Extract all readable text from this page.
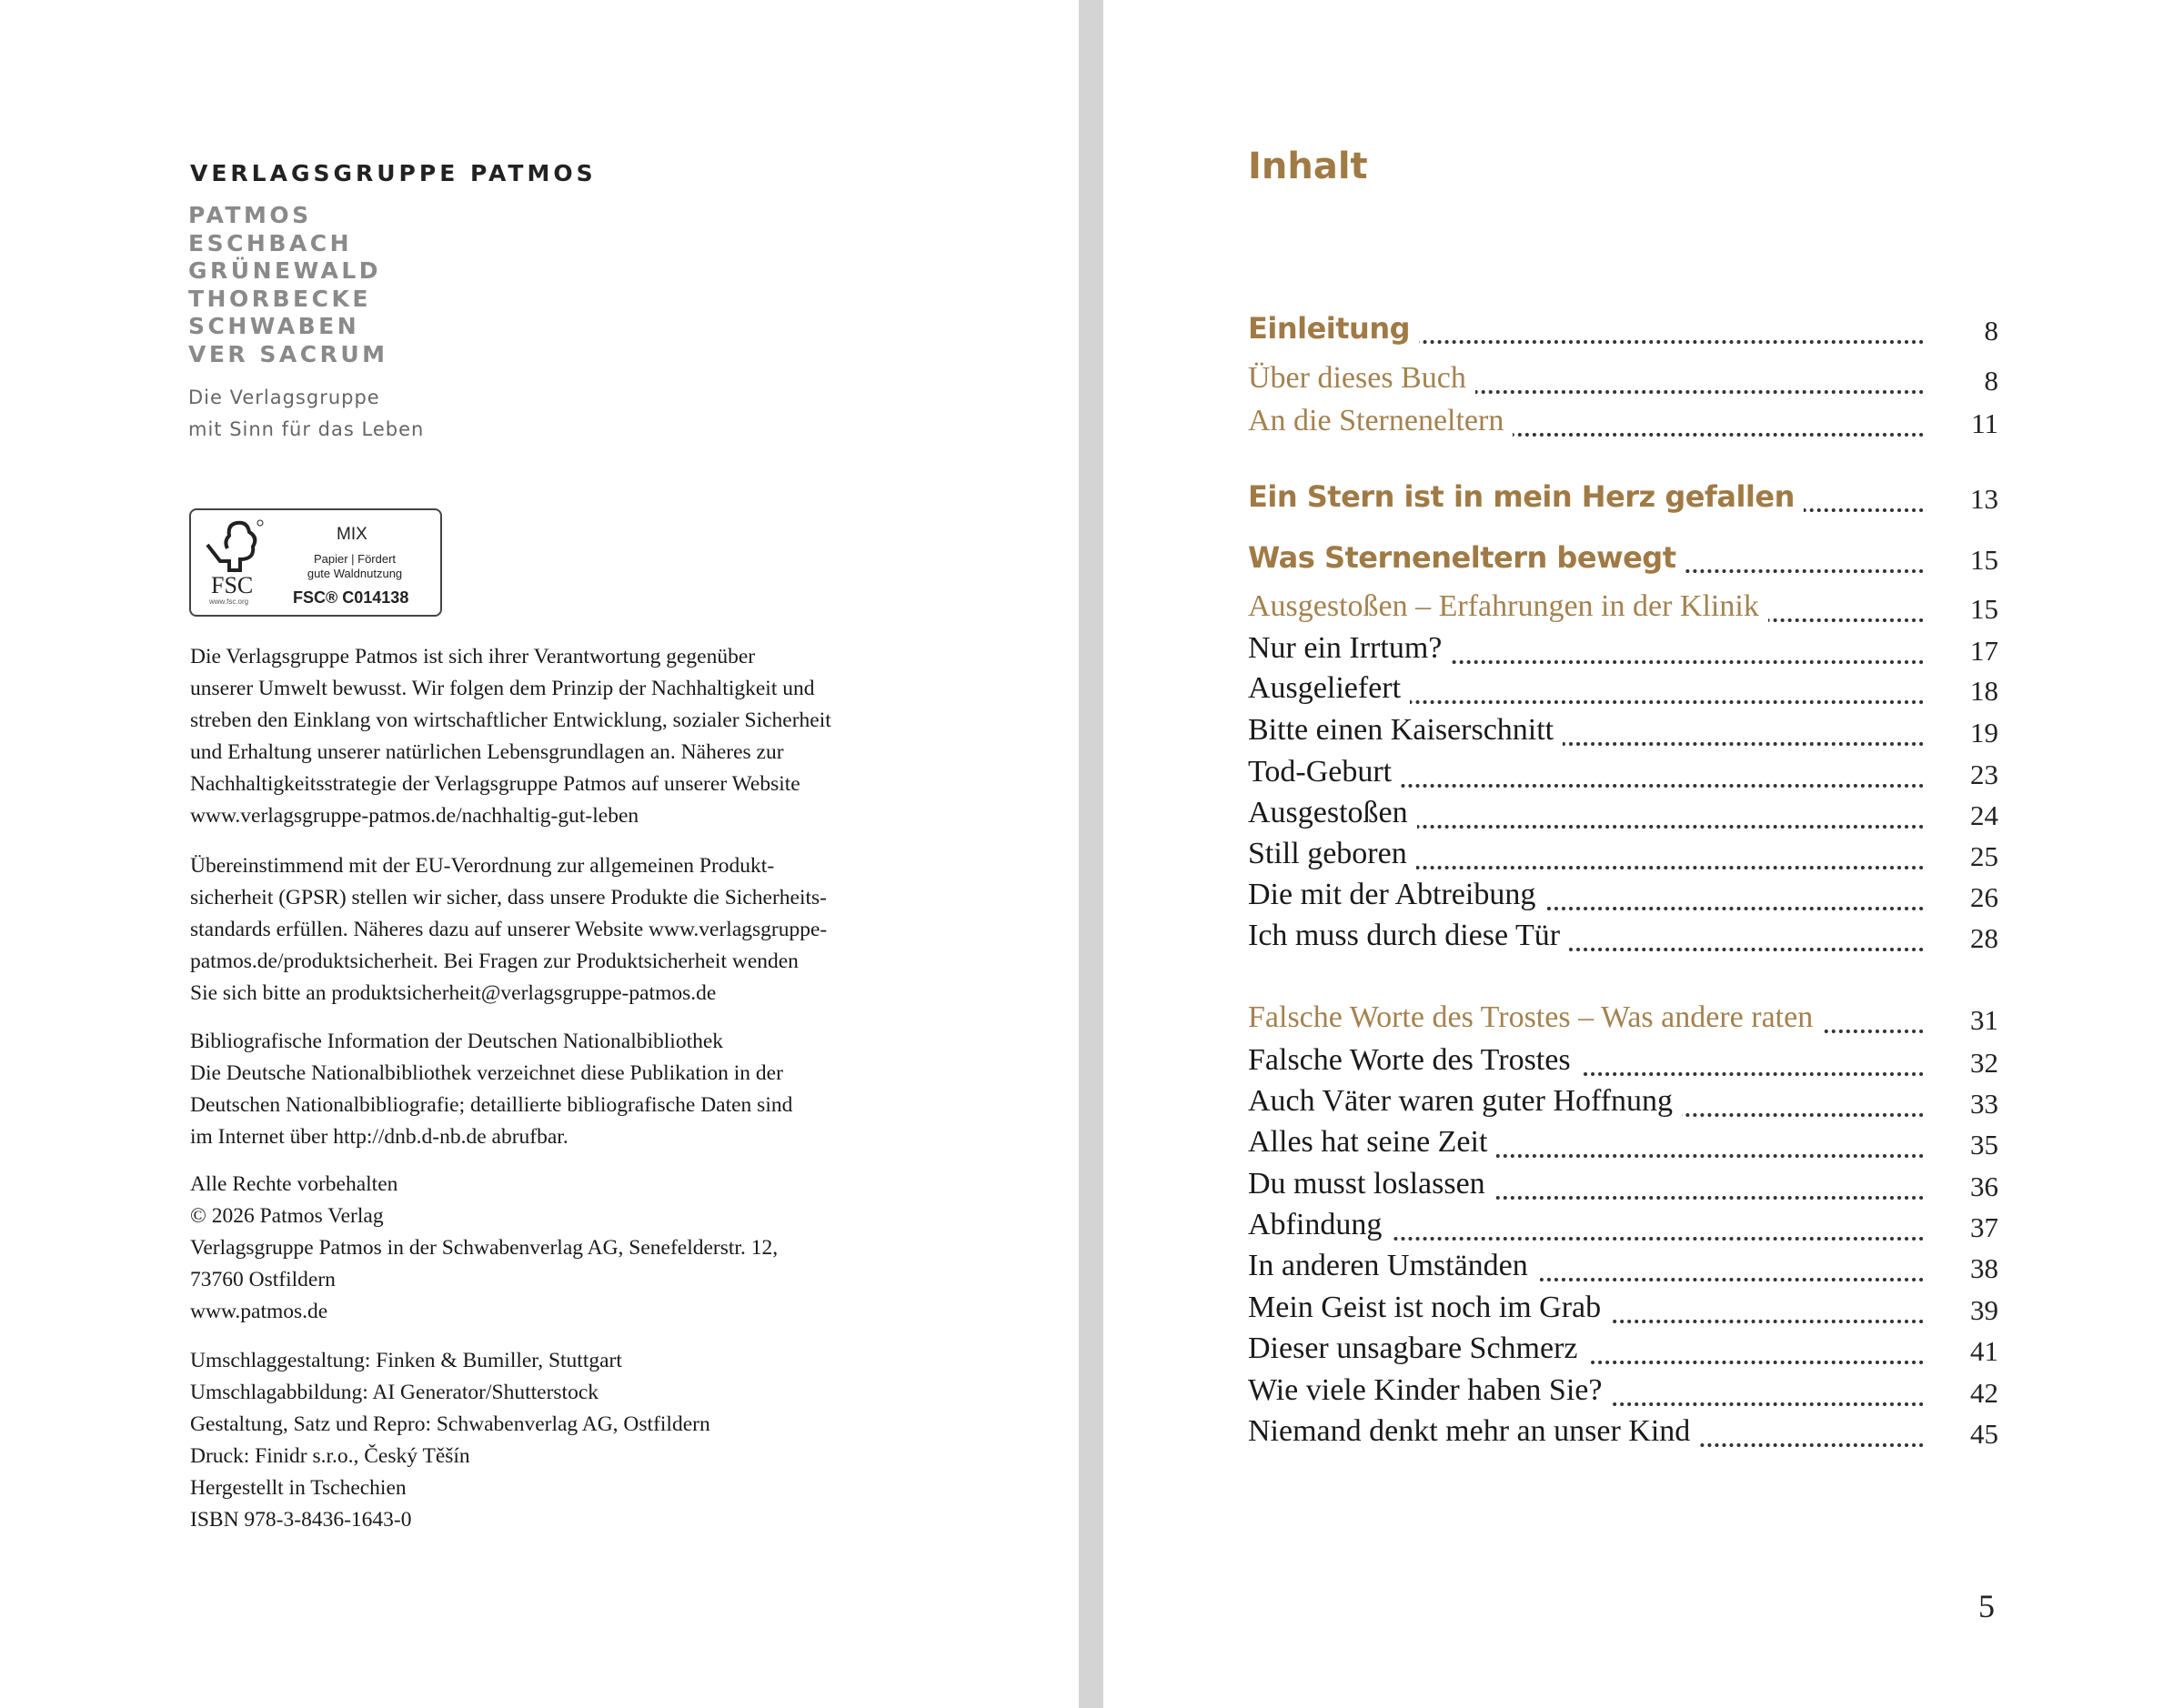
VERLAGSGRUPPE PATMOS
PATMOS
ESCHBACH
GRÜNEWALD
THORBECKE
SCHWABEN
VER SACRUM
Die Verlagsgruppe
mit Sinn für das Leben
FSC
www.fsc.org
MIX
Papier | Fördert
gute Waldnutzung
FSC® C014138
Die Verlagsgruppe Patmos ist sich ihrer Verantwortung gegenüber
unserer Umwelt bewusst. Wir folgen dem Prinzip der Nachhaltigkeit und
streben den Einklang von wirtschaftlicher Entwicklung, sozialer Sicherheit
und Erhaltung unserer natürlichen Lebensgrundlagen an. Näheres zur
Nachhaltigkeitsstrategie der Verlagsgruppe Patmos auf unserer Website
www.verlagsgruppe-patmos.de/nachhaltig-gut-leben
Übereinstimmend mit der EU-Verordnung zur allgemeinen Produkt-
sicherheit (GPSR) stellen wir sicher, dass unsere Produkte die Sicherheits-
standards erfüllen. Näheres dazu auf unserer Website www.verlagsgruppe-
patmos.de/produktsicherheit. Bei Fragen zur Produktsicherheit wenden
Sie sich bitte an produktsicherheit@verlagsgruppe-patmos.de
Bibliografische Information der Deutschen Nationalbibliothek
Die Deutsche Nationalbibliothek verzeichnet diese Publikation in der
Deutschen Nationalbibliografie; detaillierte bibliografische Daten sind
im Internet über http://dnb.d-nb.de abrufbar.
Alle Rechte vorbehalten
© 2026 Patmos Verlag
Verlagsgruppe Patmos in der Schwabenverlag AG, Senefelderstr. 12,
73760 Ostfildern
www.patmos.de
Umschlaggestaltung: Finken & Bumiller, Stuttgart
Umschlagabbildung: AI Generator/Shutterstock
Gestaltung, Satz und Repro: Schwabenverlag AG, Ostfildern
Druck: Finidr s.r.o., Český Těšín
Hergestellt in Tschechien
ISBN 978-3-8436-1643-0
Inhalt
Einleitung	8
Über dieses Buch	8
An die Sterneneltern	11
Ein Stern ist in mein Herz gefallen	13
Was Sterneneltern bewegt	15
Ausgestoßen – Erfahrungen in der Klinik	15
Nur ein Irrtum?	17
Ausgeliefert	18
Bitte einen Kaiserschnitt	19
Tod-Geburt	23
Ausgestoßen	24
Still geboren	25
Die mit der Abtreibung	26
Ich muss durch diese Tür	28
Falsche Worte des Trostes – Was andere raten	31
Falsche Worte des Trostes	32
Auch Väter waren guter Hoffnung	33
Alles hat seine Zeit	35
Du musst loslassen	36
Abfindung	37
In anderen Umständen	38
Mein Geist ist noch im Grab	39
Dieser unsagbare Schmerz	41
Wie viele Kinder haben Sie?	42
Niemand denkt mehr an unser Kind	45
5
